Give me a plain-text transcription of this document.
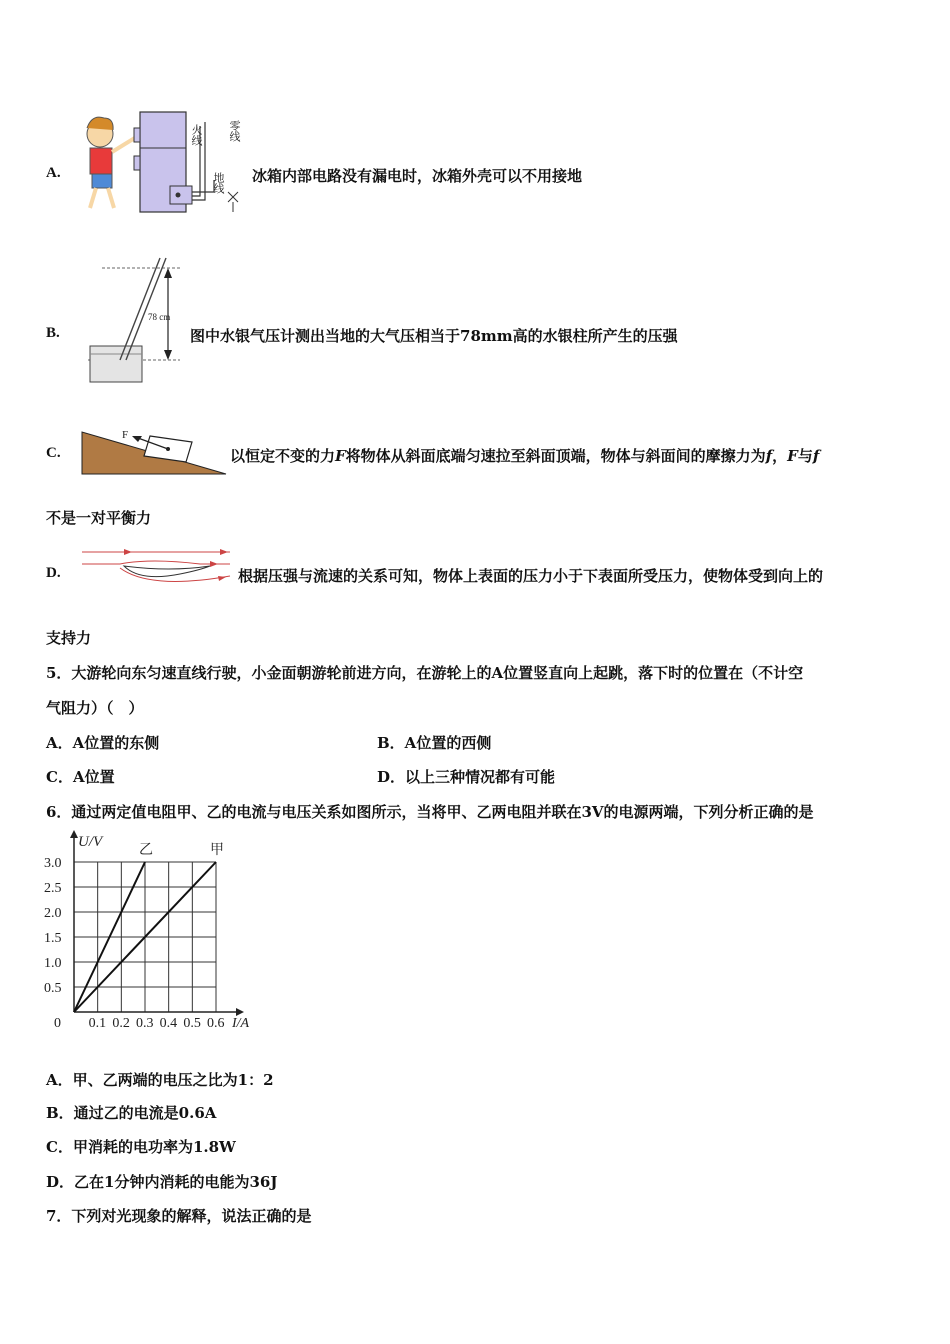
A.
火线 零线
地线 冰箱内部电路没有漏电时，冰箱外壳可以不用接地
B.
78 cm
图中水银气压计测出当地的大气压相当于78mm高的水银柱所产生的压强
C.
F
以恒定不变的力F将物体从斜面底端匀速拉至斜面顶端，物体与斜面间的摩擦力为f，F与f
不是一对平衡力
D.	根据压强与流速的关系可知，物体上表面的压力小于下表面所受压力，使物体受到向上的
支持力
5．大游轮向东匀速直线行驶，小金面朝游轮前进方向，在游轮上的A位置竖直向上起跳，落下时的位置在（不计空
气阻力）（　）
A．A位置的东侧	B．A位置的西侧
C．A位置	D．以上三种情况都有可能
6．通过两定值电阻甲、乙的电流与电压关系如图所示，当将甲、乙两电阻并联在3V的电源两端，下列分析正确的是
0.1 0.2 0.3 0.4 0.5 0.6
0.5
1.0
1.5
2.0
2.5
3.0
乙	甲
U/V
I/A
0
A．甲、乙两端的电压之比为1：2
B．通过乙的电流是0.6A
C．甲消耗的电功率为1.8W
D．乙在1分钟内消耗的电能为36J
7．下列对光现象的解释，说法正确的是
